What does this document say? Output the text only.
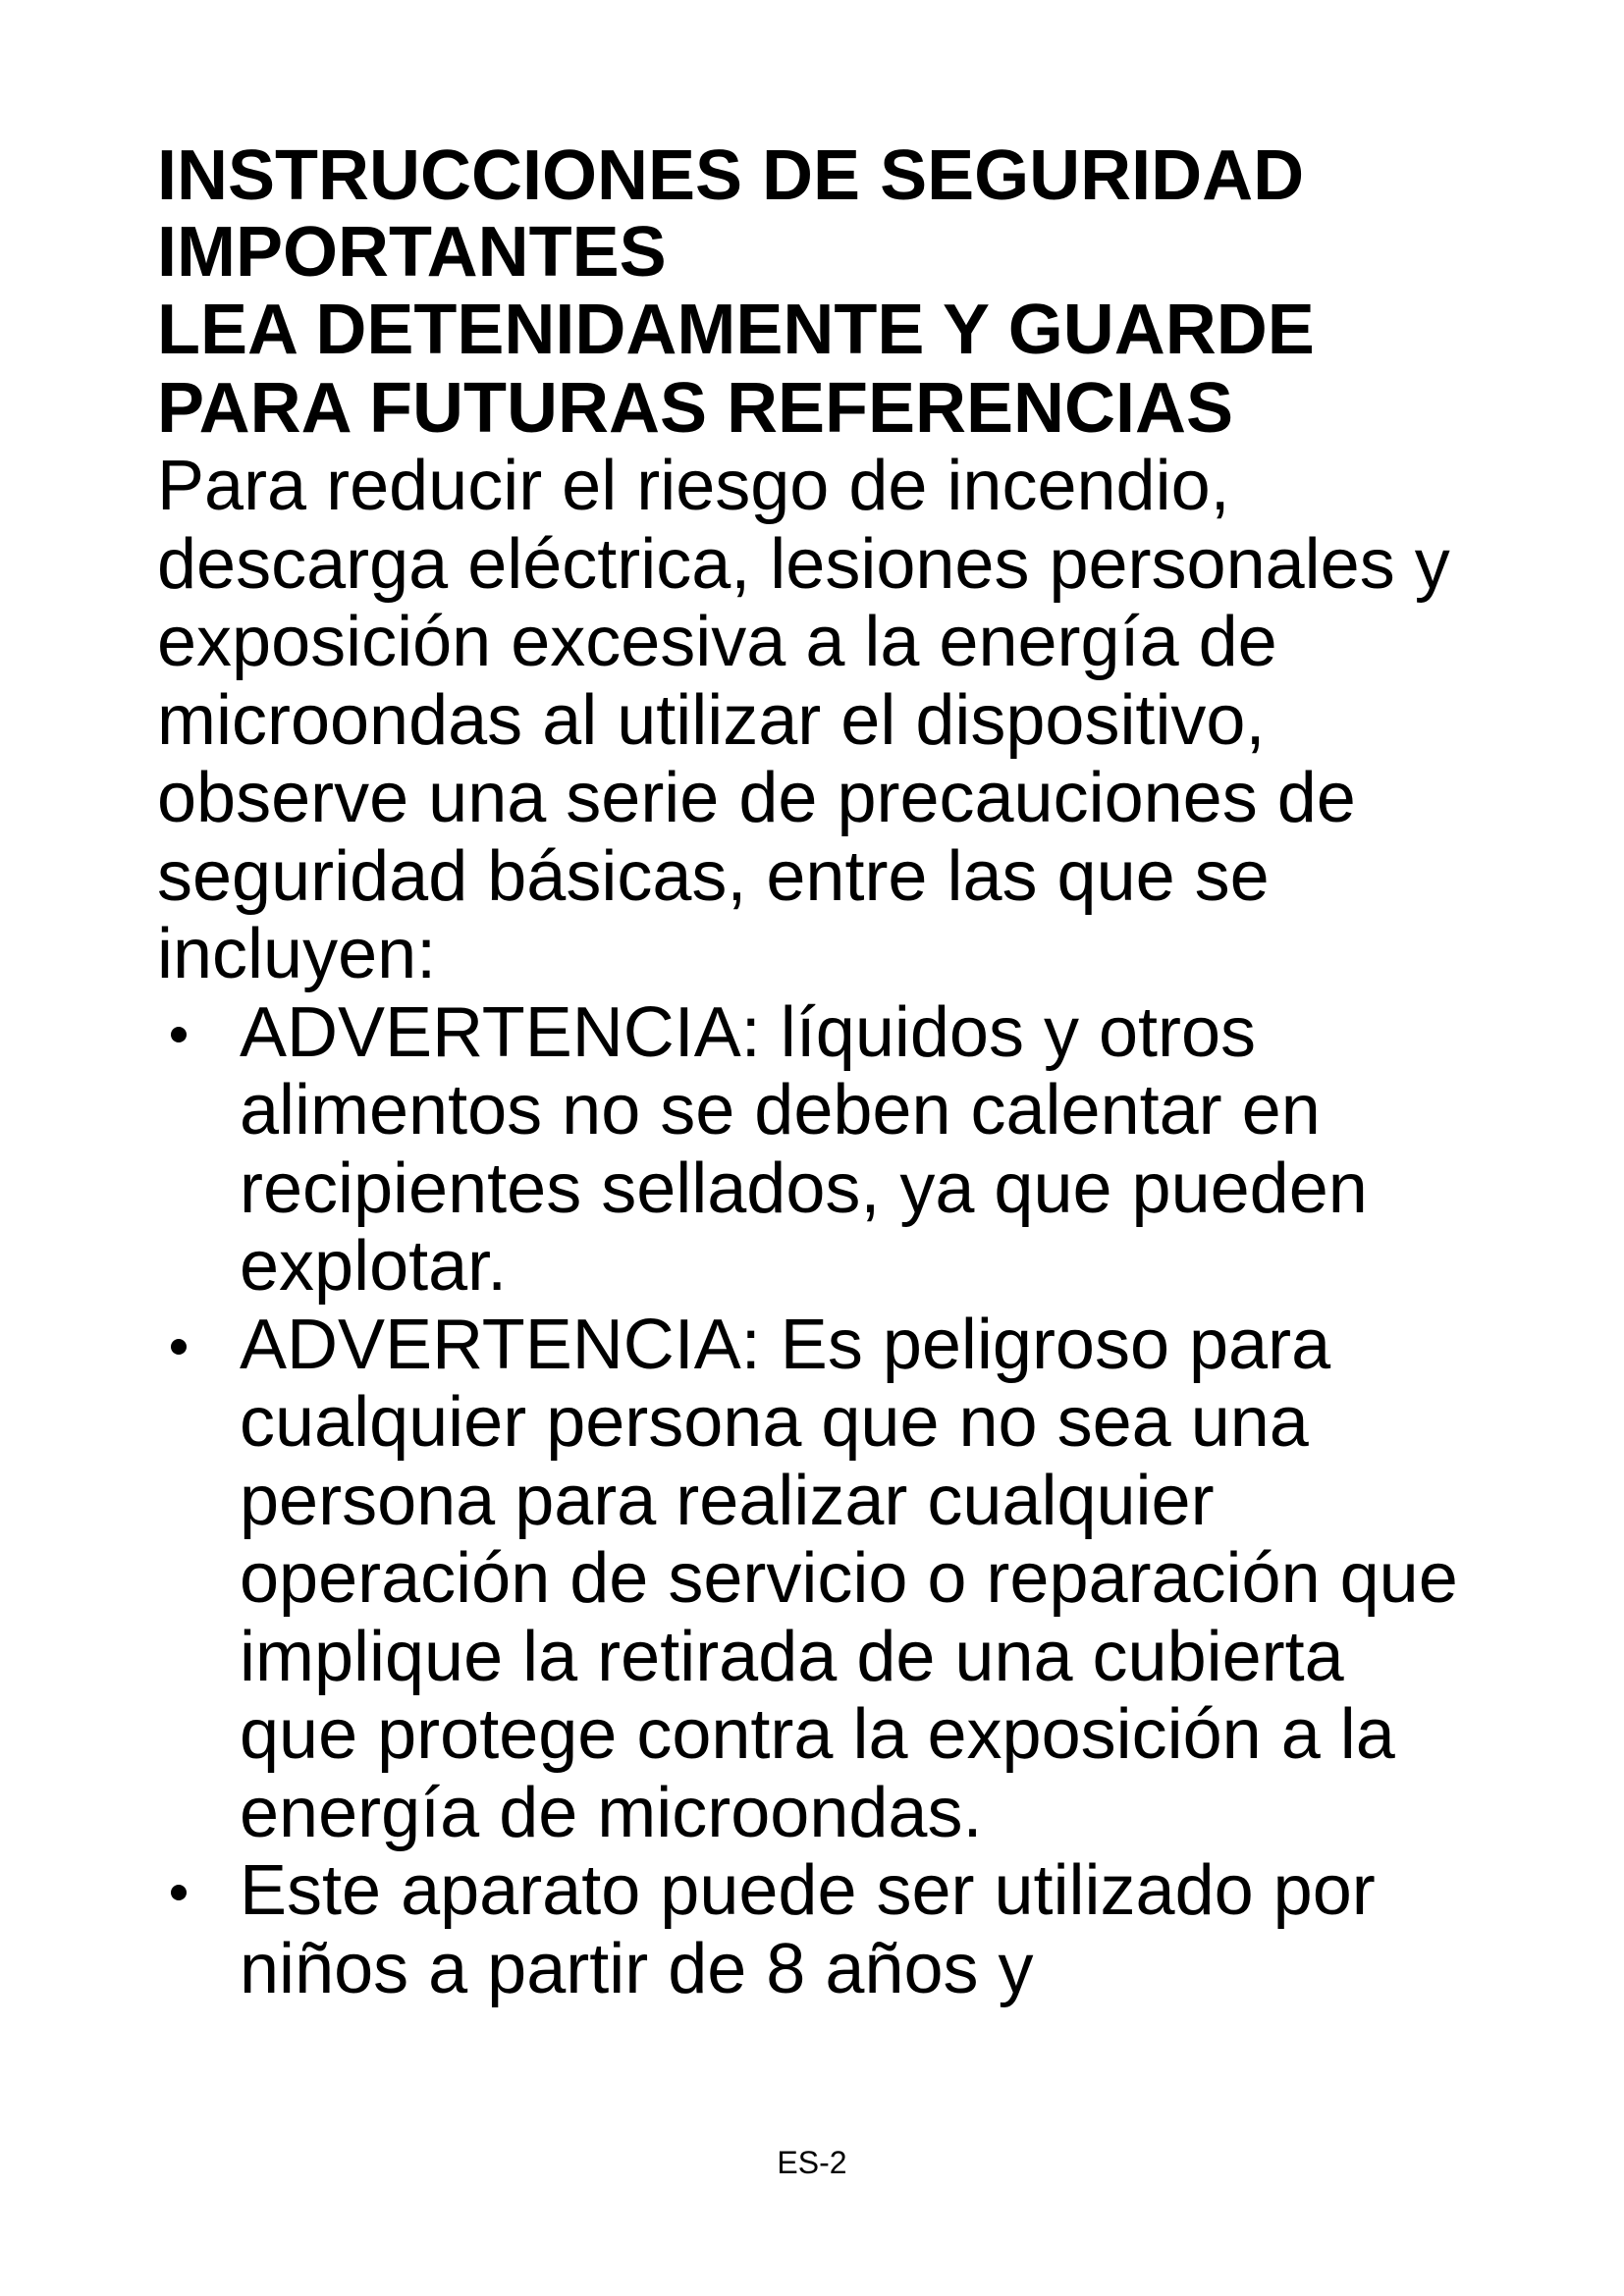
INSTRUCCIONES DE SEGURIDAD IMPORTANTES
LEA DETENIDAMENTE Y GUARDE PARA FUTURAS REFERENCIAS

Para reducir el riesgo de incendio, descarga eléctrica, lesiones personales y exposición excesiva a la energía de microondas al utilizar el dispositivo, observe una serie de precauciones de seguridad básicas, entre las que se incluyen:

ADVERTENCIA: líquidos y otros alimentos no se deben calentar en recipientes sellados, ya que pueden explotar.
ADVERTENCIA: Es peligroso para cualquier persona que no sea una persona para realizar cualquier operación de servicio o reparación que implique la retirada de una cubierta que protege contra la exposición a la energía de microondas.
Este aparato puede ser utilizado por niños a partir de 8 años y
ES-2
